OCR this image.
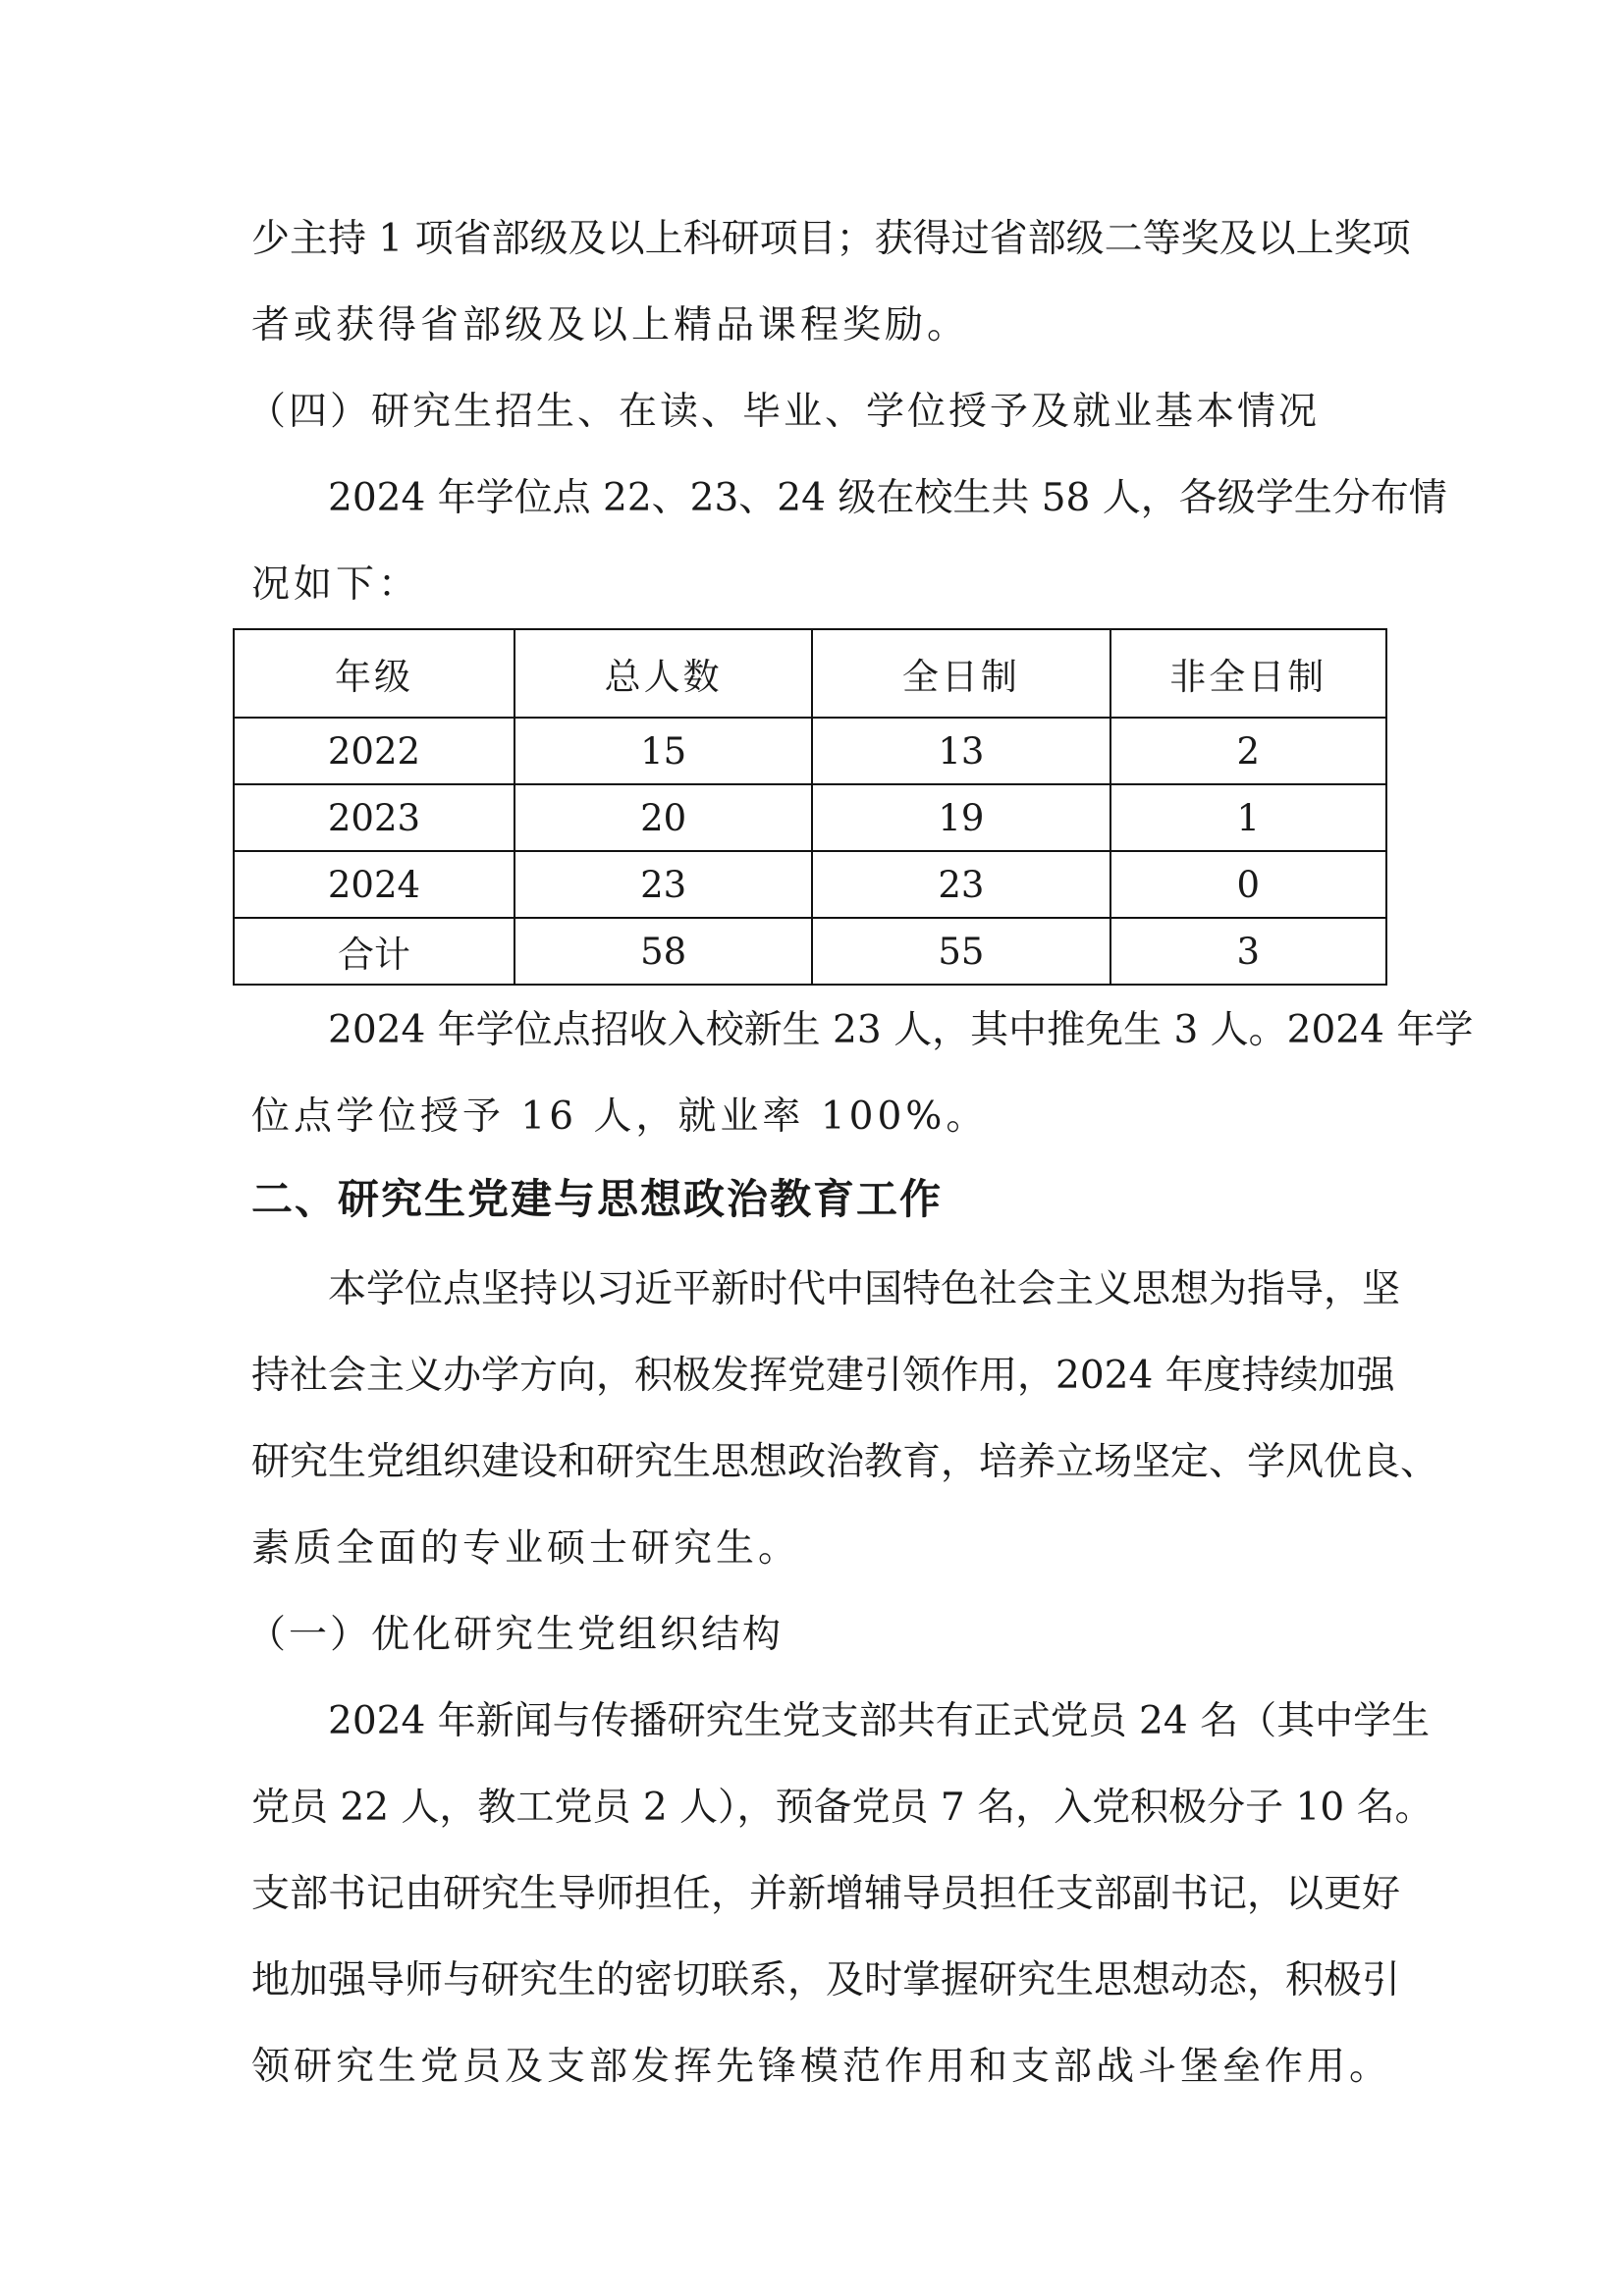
少主持 1 项省部级及以上科研项目；获得过省部级二等奖及以上奖项
者或获得省部级及以上精品课程奖励。
（四）研究生招生、在读、毕业、学位授予及就业基本情况
2024 年学位点 22、23、24 级在校生共 58 人，各级学生分布情
况如下：
年级	总人数	全日制	非全日制
2022	15	13	2
2023	20	19	1
2024	23	23	0
合计	58	55	3
2024 年学位点招收入校新生 23 人，其中推免生 3 人。2024 年学
位点学位授予 16 人，就业率 100%。
二、研究生党建与思想政治教育工作
本学位点坚持以习近平新时代中国特色社会主义思想为指导，坚
持社会主义办学方向，积极发挥党建引领作用，2024 年度持续加强
研究生党组织建设和研究生思想政治教育，培养立场坚定、学风优良、
素质全面的专业硕士研究生。
（一）优化研究生党组织结构
2024 年新闻与传播研究生党支部共有正式党员 24 名（其中学生
党员 22 人，教工党员 2 人），预备党员 7 名，入党积极分子 10 名。
支部书记由研究生导师担任，并新增辅导员担任支部副书记，以更好
地加强导师与研究生的密切联系，及时掌握研究生思想动态，积极引
领研究生党员及支部发挥先锋模范作用和支部战斗堡垒作用。
